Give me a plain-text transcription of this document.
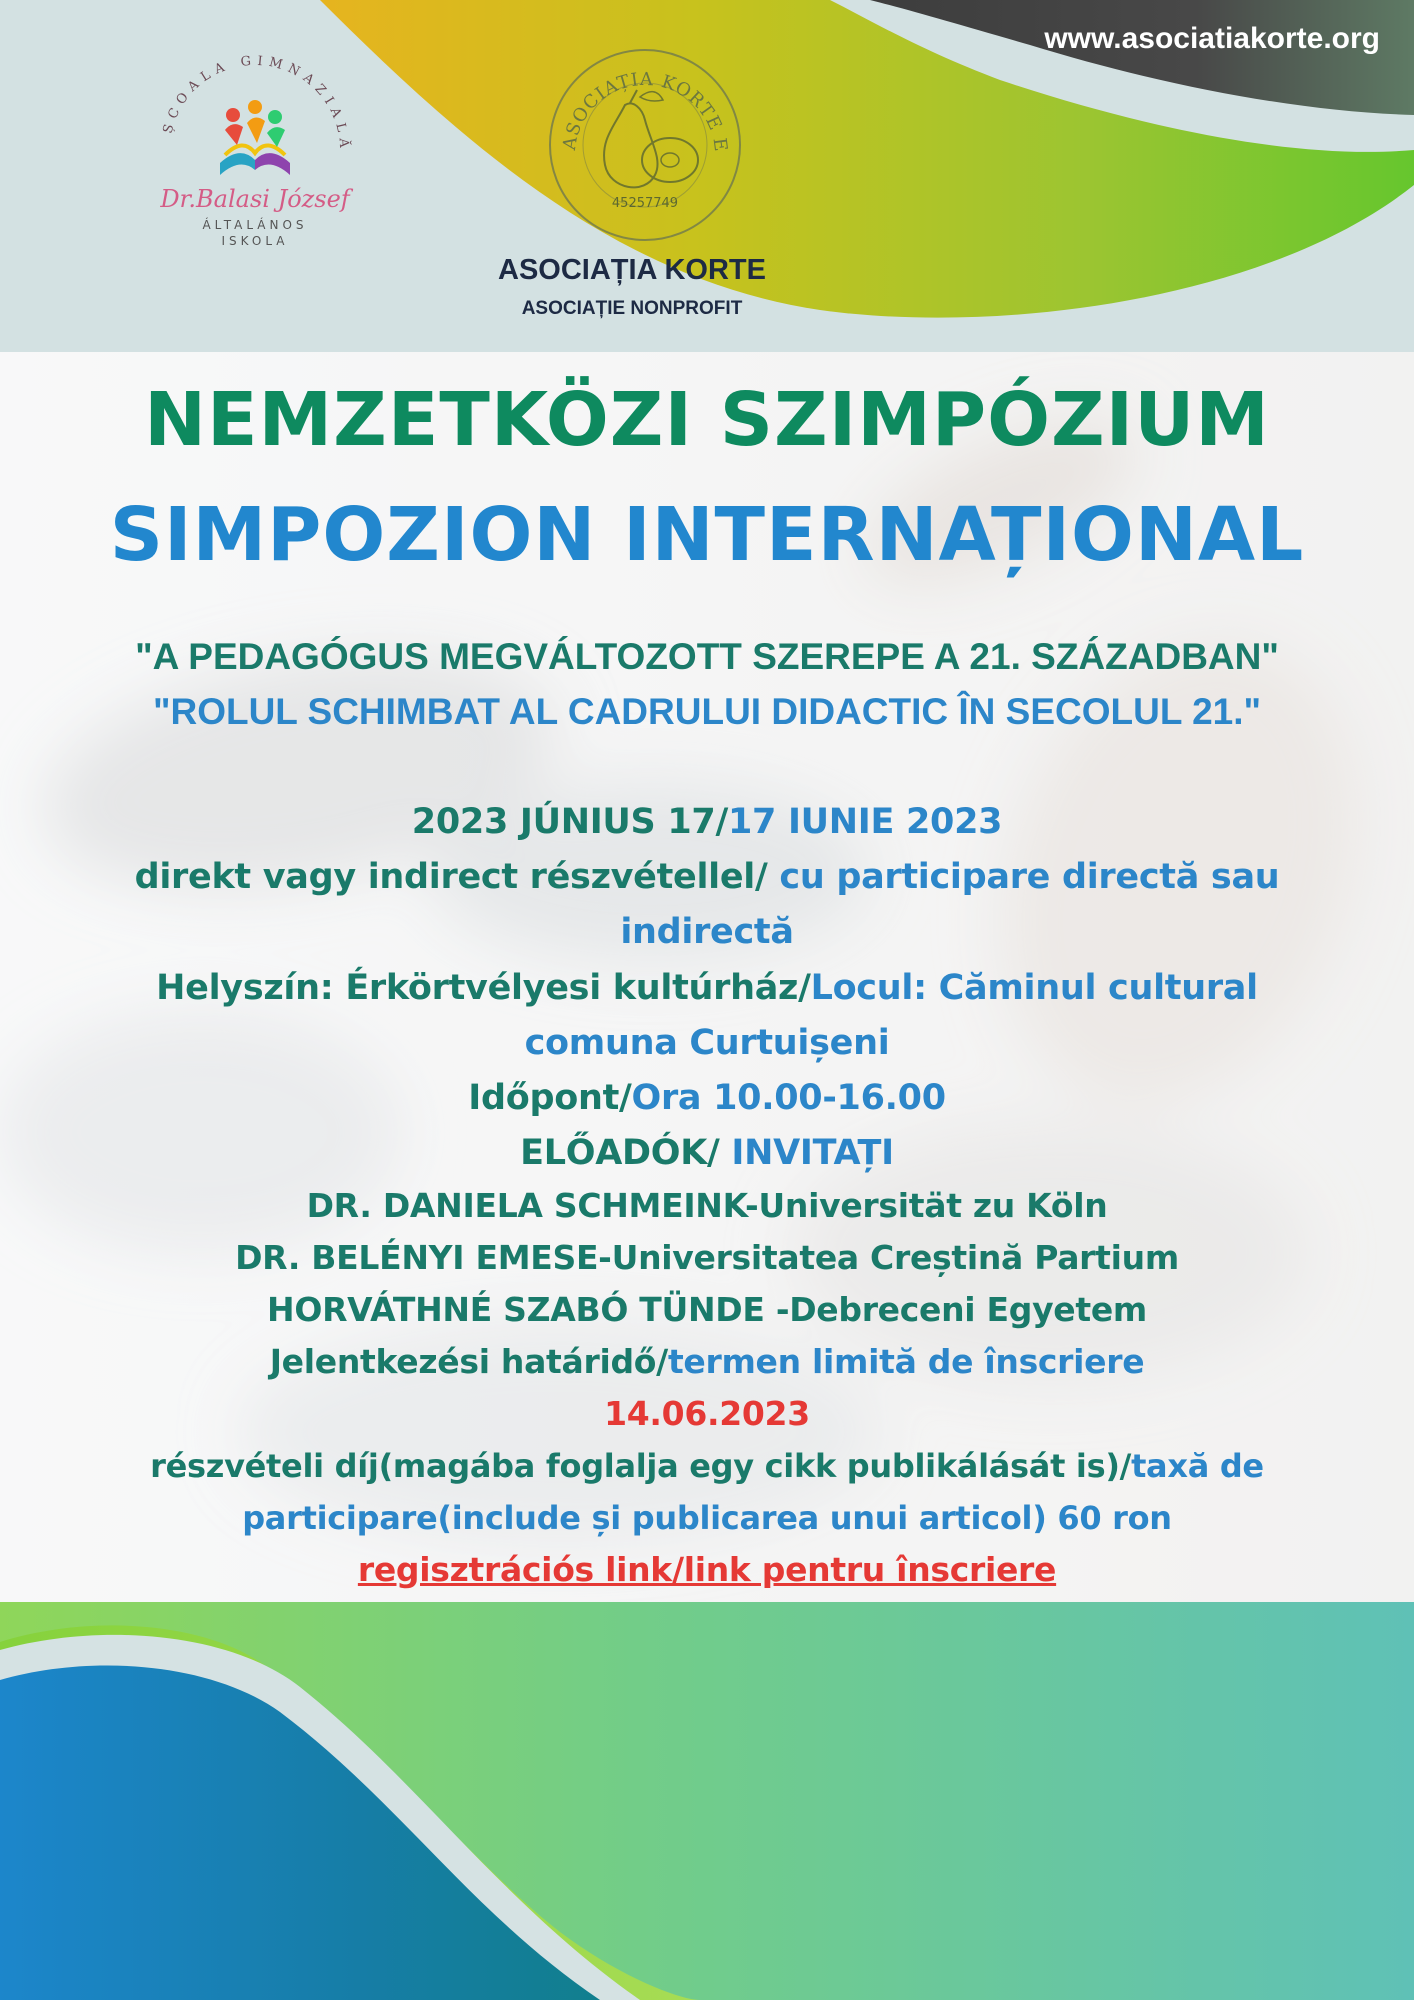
www.asociatiakorte.org
ȘCOALA GIMNAZIALĂ
Dr.Balasi József
ÁLTALÁNOS
ISKOLA
ASOCIAȚIA KORTE E
45257749
ASOCIAȚIA KORTE
ASOCIAȚIE NONPROFIT
NEMZETKÖZI SZIMPÓZIUM
SIMPOZION INTERNAȚIONAL
"A PEDAGÓGUS MEGVÁLTOZOTT SZEREPE A 21. SZÁZADBAN"
"ROLUL SCHIMBAT AL CADRULUI DIDACTIC ÎN SECOLUL 21."
2023 JÚNIUS 17/17 IUNIE 2023
direkt vagy indirect részvétellel/ cu participare directă sau
indirectă
Helyszín: Érkörtvélyesi kultúrház/Locul: Căminul cultural
comuna Curtuișeni
Időpont/Ora 10.00-16.00
ELŐADÓK/ INVITAȚI
DR. DANIELA SCHMEINK-Universität zu Köln
DR. BELÉNYI EMESE-Universitatea Creștină Partium
HORVÁTHNÉ SZABÓ TÜNDE -Debreceni Egyetem
Jelentkezési határidő/termen limită de înscriere
14.06.2023
részvételi díj(magába foglalja egy cikk publikálását is)/taxă de
participare(include și publicarea unui articol) 60 ron
regisztrációs link/link pentru înscriere
